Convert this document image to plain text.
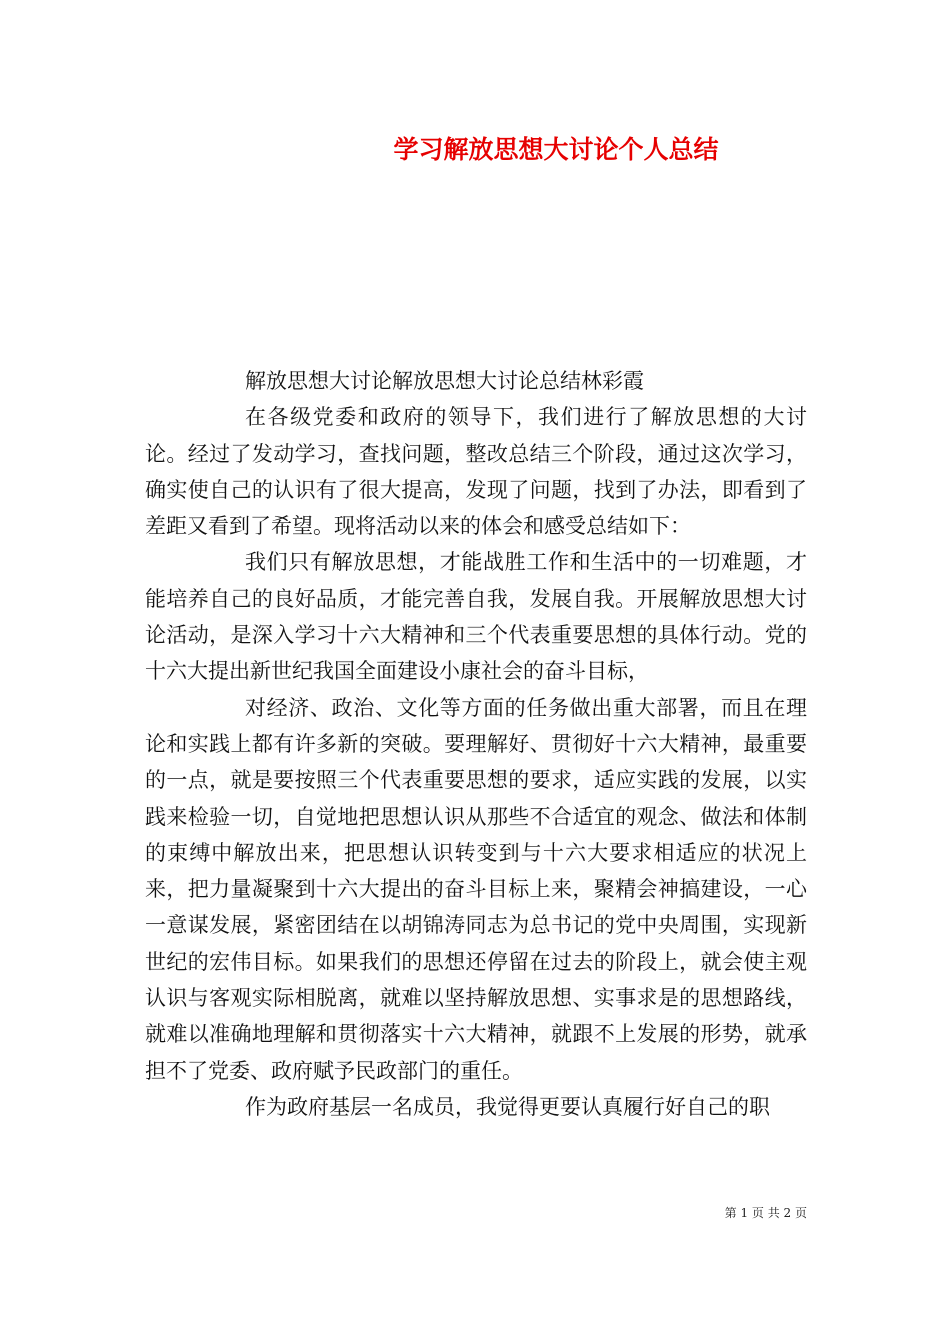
学习解放思想大讨论个人总结

解放思想大讨论解放思想大讨论总结林彩霞

在各级党委和政府的领导下，我们进行了解放思想的大讨论。经过了发动学习，查找问题，整改总结三个阶段，通过这次学习，确实使自己的认识有了很大提高，发现了问题，找到了办法，即看到了差距又看到了希望。现将活动以来的体会和感受总结如下：

我们只有解放思想，才能战胜工作和生活中的一切难题，才能培养自己的良好品质，才能完善自我，发展自我。开展解放思想大讨论活动，是深入学习十六大精神和三个代表重要思想的具体行动。党的十六大提出新世纪我国全面建设小康社会的奋斗目标，

对经济、政治、文化等方面的任务做出重大部署，而且在理论和实践上都有许多新的突破。要理解好、贯彻好十六大精神，最重要的一点，就是要按照三个代表重要思想的要求，适应实践的发展，以实践来检验一切，自觉地把思想认识从那些不合适宜的观念、做法和体制的束缚中解放出来，把思想认识转变到与十六大要求相适应的状况上来，把力量凝聚到十六大提出的奋斗目标上来，聚精会神搞建设，一心一意谋发展，紧密团结在以胡锦涛同志为总书记的党中央周围，实现新世纪的宏伟目标。如果我们的思想还停留在过去的阶段上，就会使主观认识与客观实际相脱离，就难以坚持解放思想、实事求是的思想路线，就难以准确地理解和贯彻落实十六大精神，就跟不上发展的形势，就承担不了党委、政府赋予民政部门的重任。

作为政府基层一名成员，我觉得更要认真履行好自己的职

第 1 页 共 2 页
